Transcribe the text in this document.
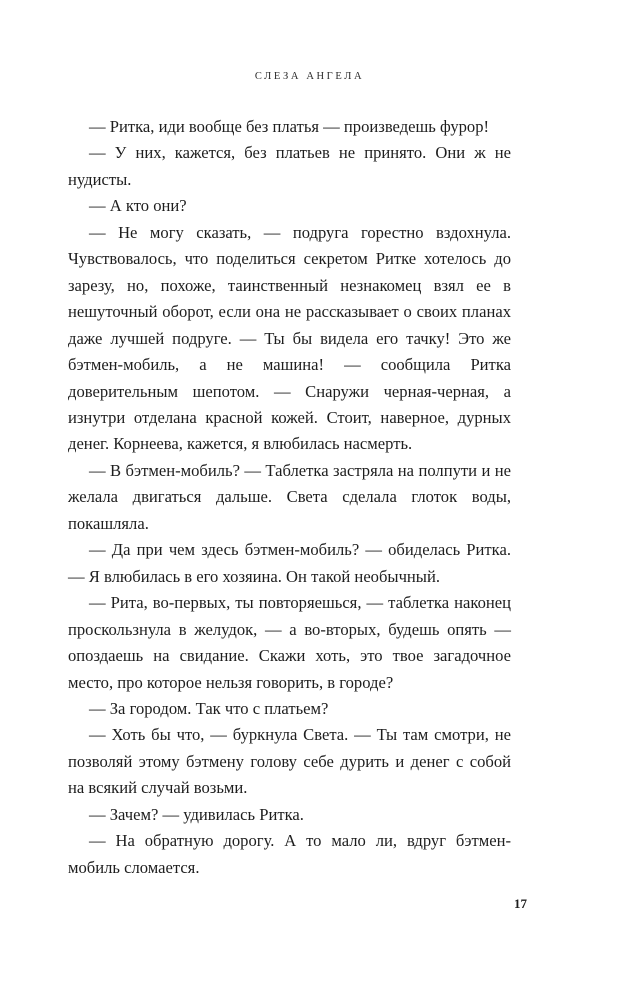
СЛЕЗА АНГЕЛА

— Ритка, иди вообще без платья — произведешь фурор!

— У них, кажется, без платьев не принято. Они ж не нудисты.

— А кто они?

— Не могу сказать, — подруга горестно вздохнула. Чувствовалось, что поделиться секретом Ритке хотелось до зарезу, но, похоже, таинственный незнакомец взял ее в нешуточный оборот, если она не рассказывает о своих планах даже лучшей подруге. — Ты бы видела его тачку! Это же бэтмен-мобиль, а не машина! — сообщила Ритка доверительным шепотом. — Снаружи черная-черная, а изнутри отделана красной кожей. Стоит, наверное, дурных денег. Корнеева, кажется, я влюбилась насмерть.

— В бэтмен-мобиль? — Таблетка застряла на полпути и не желала двигаться дальше. Света сделала глоток воды, покашляла.

— Да при чем здесь бэтмен-мобиль? — обиделась Ритка. — Я влюбилась в его хозяина. Он такой необычный.

— Рита, во-первых, ты повторяешься, — таблетка наконец проскользнула в желудок, — а во-вторых, будешь опять — опоздаешь на свидание. Скажи хоть, это твое загадочное место, про которое нельзя говорить, в городе?

— За городом. Так что с платьем?

— Хоть бы что, — буркнула Света. — Ты там смотри, не позволяй этому бэтмену голову себе дурить и денег с собой на всякий случай возьми.

— Зачем? — удивилась Ритка.

— На обратную дорогу. А то мало ли, вдруг бэтмен-мобиль сломается.

17
